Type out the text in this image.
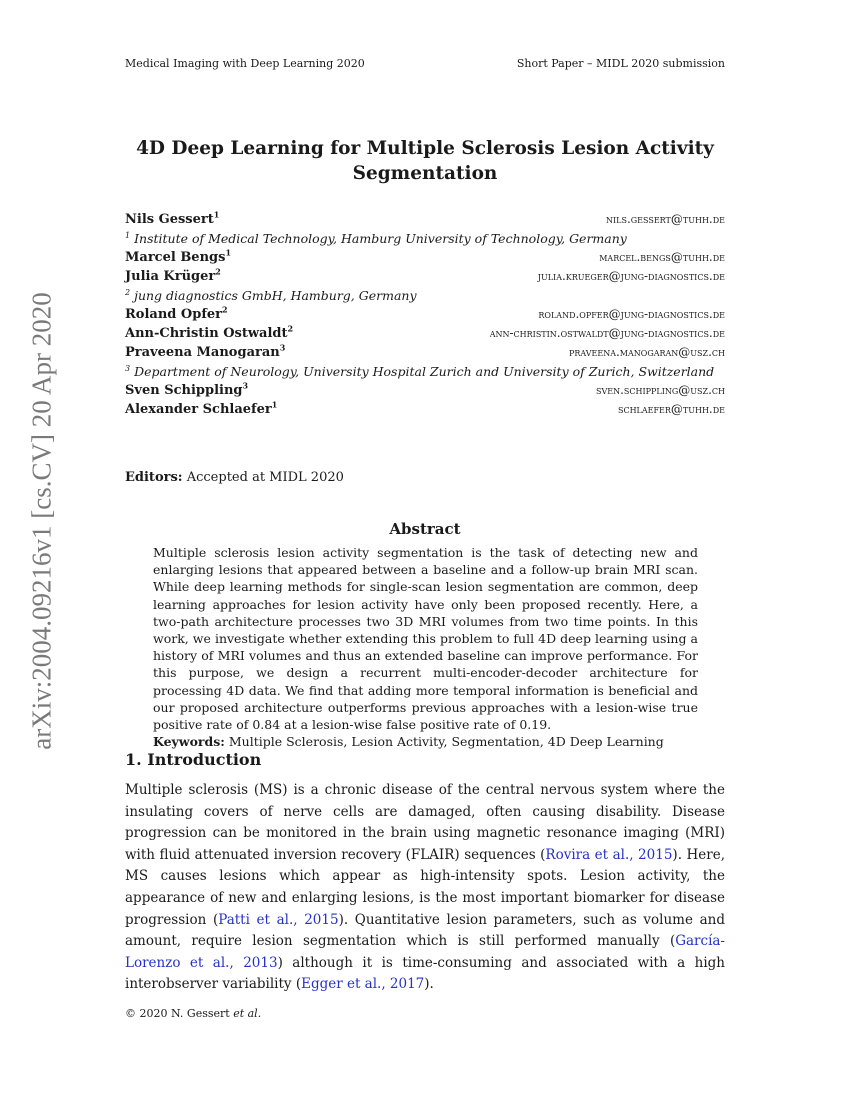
Medical Imaging with Deep Learning 2020	Short Paper – MIDL 2020 submission
arXiv:2004.09216v1 [cs.CV] 20 Apr 2020
4D Deep Learning for Multiple Sclerosis Lesion Activity Segmentation
Nils Gessert$^1$	nils.gessert@tuhh.de
$^1$ Institute of Medical Technology, Hamburg University of Technology, Germany
Marcel Bengs$^1$	marcel.bengs@tuhh.de
Julia Krüger$^2$	julia.krueger@jung-diagnostics.de
$^2$ jung diagnostics GmbH, Hamburg, Germany
Roland Opfer$^2$	roland.opfer@jung-diagnostics.de
Ann-Christin Ostwaldt$^2$	ann-christin.ostwaldt@jung-diagnostics.de
Praveena Manogaran$^3$	praveena.manogaran@usz.ch
$^3$ Department of Neurology, University Hospital Zurich and University of Zurich, Switzerland
Sven Schippling$^3$	sven.schippling@usz.ch
Alexander Schlaefer$^1$	schlaefer@tuhh.de
Editors: Accepted at MIDL 2020
Abstract
Multiple sclerosis lesion activity segmentation is the task of detecting new and enlarging lesions that appeared between a baseline and a follow-up brain MRI scan. While deep learning methods for single-scan lesion segmentation are common, deep learning approaches for lesion activity have only been proposed recently. Here, a two-path architecture processes two 3D MRI volumes from two time points. In this work, we investigate whether extending this problem to full 4D deep learning using a history of MRI volumes and thus an extended baseline can improve performance. For this purpose, we design a recurrent multi-encoder-decoder architecture for processing 4D data. We find that adding more temporal information is beneficial and our proposed architecture outperforms previous approaches with a lesion-wise true positive rate of 0.84 at a lesion-wise false positive rate of 0.19.
Keywords: Multiple Sclerosis, Lesion Activity, Segmentation, 4D Deep Learning
1. Introduction
Multiple sclerosis (MS) is a chronic disease of the central nervous system where the insulating covers of nerve cells are damaged, often causing disability. Disease progression can be monitored in the brain using magnetic resonance imaging (MRI) with fluid attenuated inversion recovery (FLAIR) sequences (Rovira et al., 2015). Here, MS causes lesions which appear as high-intensity spots. Lesion activity, the appearance of new and enlarging lesions, is the most important biomarker for disease progression (Patti et al., 2015). Quantitative lesion parameters, such as volume and amount, require lesion segmentation which is still performed manually (García-Lorenzo et al., 2013) although it is time-consuming and associated with a high interobserver variability (Egger et al., 2017).
© 2020 N. Gessert et al.
